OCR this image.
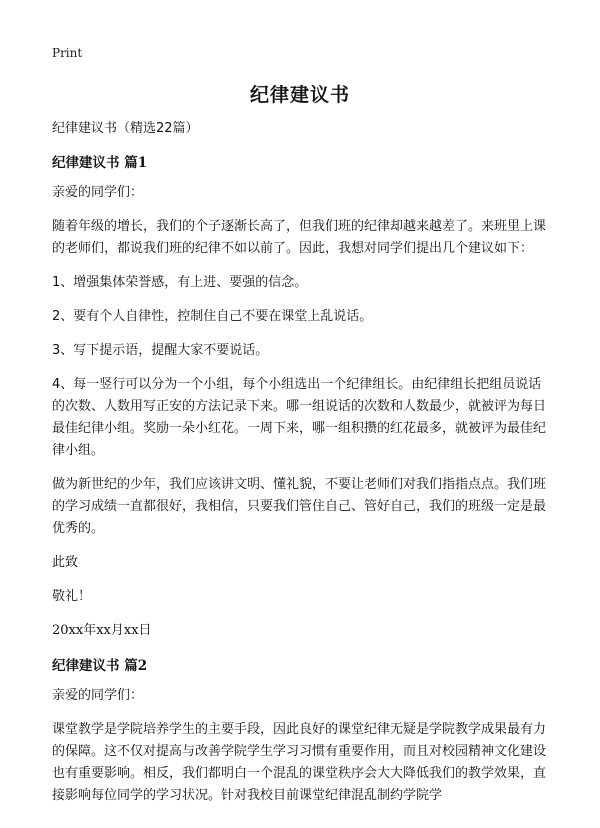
Print
纪律建议书

纪律建议书（精选22篇）

纪律建议书 篇1

亲爱的同学们：

随着年级的增长，我们的个子逐渐长高了，但我们班的纪律却越来越差了。来班里上课的老师们，都说我们班的纪律不如以前了。因此，我想对同学们提出几个建议如下：

1、增强集体荣誉感，有上进、要强的信念。

2、要有个人自律性，控制住自己不要在课堂上乱说话。

3、写下提示语，提醒大家不要说话。

4、每一竖行可以分为一个小组，每个小组选出一个纪律组长。由纪律组长把组员说话的次数、人数用写正安的方法记录下来。哪一组说话的次数和人数最少，就被评为每日最佳纪律小组。奖励一朵小红花。一周下来，哪一组积攒的红花最多，就被评为最佳纪律小组。

做为新世纪的少年，我们应该讲文明、懂礼貌，不要让老师们对我们指指点点。我们班的学习成绩一直都很好，我相信，只要我们管住自己、管好自己，我们的班级一定是最优秀的。

此致

敬礼！

20xx年xx月xx日

纪律建议书 篇2

亲爱的同学们：

课堂教学是学院培养学生的主要手段，因此良好的课堂纪律无疑是学院教学成果最有力的保障。这不仅对提高与改善学院学生学习习惯有重要作用，而且对校园精神文化建设也有重要影响。相反，我们都明白一个混乱的课堂秩序会大大降低我们的教学效果，直接影响每位同学的学习状况。针对我校目前课堂纪律混乱制约学院学
